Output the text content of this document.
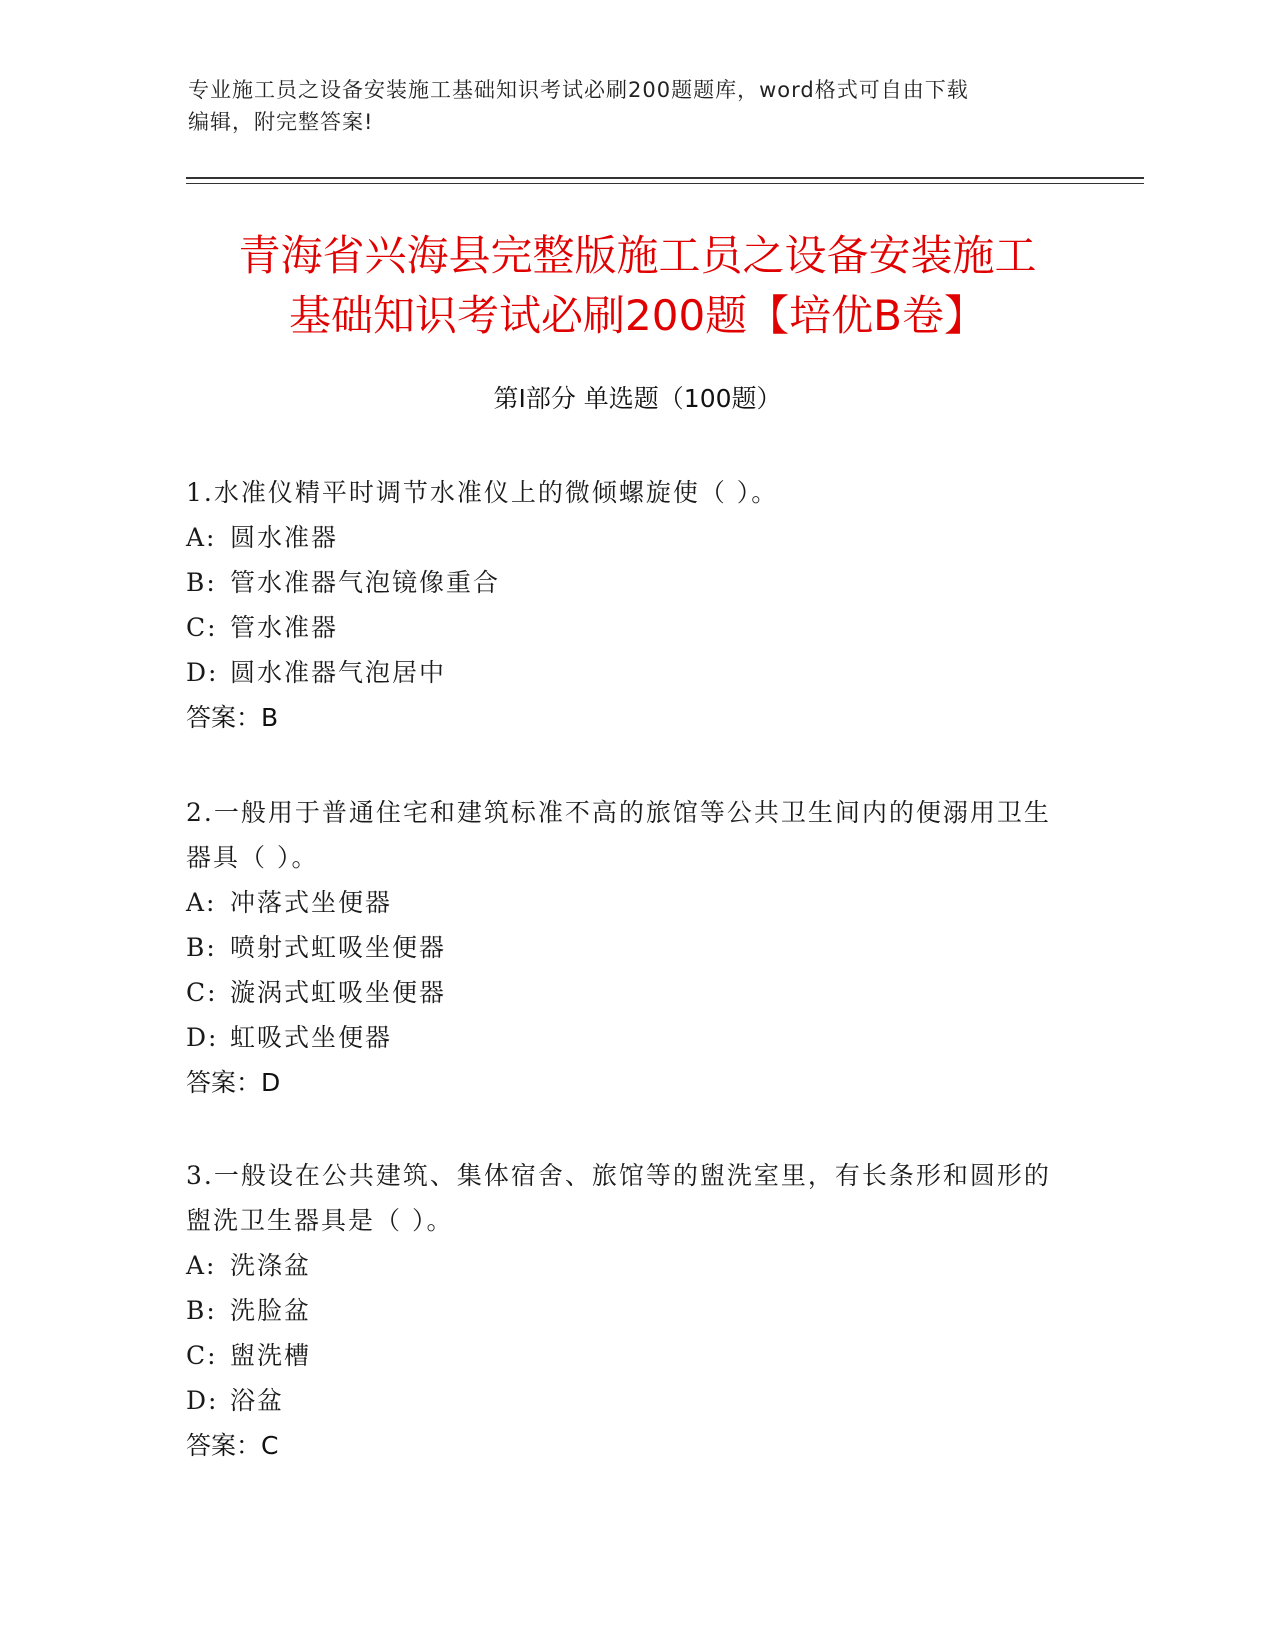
专业施工员之设备安装施工基础知识考试必刷200题题库，word格式可自由下载
编辑，附完整答案!
青海省兴海县完整版施工员之设备安装施工
基础知识考试必刷200题【培优B卷】
第I部分 单选题（100题）
1.水准仪精平时调节水准仪上的微倾螺旋使（ ）。
A: 圆水准器
B: 管水准器气泡镜像重合
C: 管水准器
D: 圆水准器气泡居中
答案：B
2.一般用于普通住宅和建筑标准不高的旅馆等公共卫生间内的便溺用卫生器具（ ）。
A: 冲落式坐便器
B: 喷射式虹吸坐便器
C: 漩涡式虹吸坐便器
D: 虹吸式坐便器
答案：D
3.一般设在公共建筑、集体宿舍、旅馆等的盥洗室里，有长条形和圆形的盥洗卫生器具是（ ）。
A: 洗涤盆
B: 洗脸盆
C: 盥洗槽
D: 浴盆
答案：C
